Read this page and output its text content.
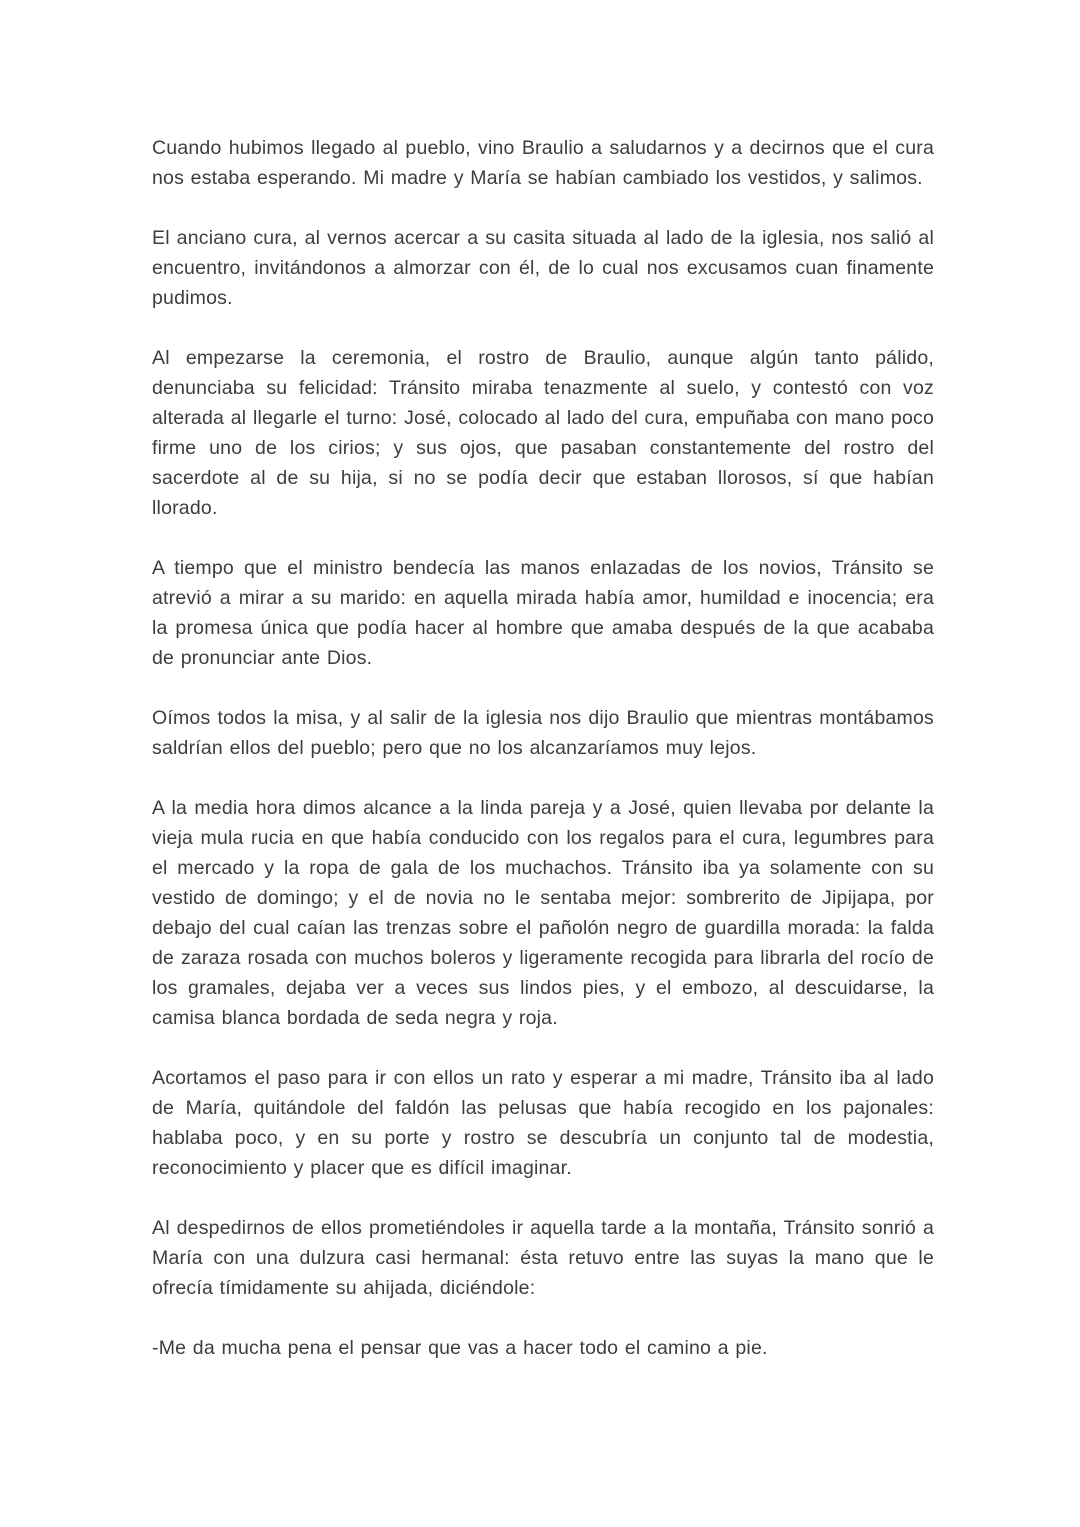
Cuando hubimos llegado al pueblo, vino Braulio a saludarnos y a decirnos que el cura nos estaba esperando. Mi madre y María se habían cambiado los vestidos, y salimos.

El anciano cura, al vernos acercar a su casita situada al lado de la iglesia, nos salió al encuentro, invitándonos a almorzar con él, de lo cual nos excusamos cuan finamente pudimos.

Al empezarse la ceremonia, el rostro de Braulio, aunque algún tanto pálido, denunciaba su felicidad: Tránsito miraba tenazmente al suelo, y contestó con voz alterada al llegarle el turno: José, colocado al lado del cura, empuñaba con mano poco firme uno de los cirios; y sus ojos, que pasaban constantemente del rostro del sacerdote al de su hija, si no se podía decir que estaban llorosos, sí que habían llorado.

A tiempo que el ministro bendecía las manos enlazadas de los novios, Tránsito se atrevió a mirar a su marido: en aquella mirada había amor, humildad e inocencia; era la promesa única que podía hacer al hombre que amaba después de la que acababa de pronunciar ante Dios.

Oímos todos la misa, y al salir de la iglesia nos dijo Braulio que mientras montábamos saldrían ellos del pueblo; pero que no los alcanzaríamos muy lejos.

A la media hora dimos alcance a la linda pareja y a José, quien llevaba por delante la vieja mula rucia en que había conducido con los regalos para el cura, legumbres para el mercado y la ropa de gala de los muchachos. Tránsito iba ya solamente con su vestido de domingo; y el de novia no le sentaba mejor: sombrerito de Jipijapa, por debajo del cual caían las trenzas sobre el pañolón negro de guardilla morada: la falda de zaraza rosada con muchos boleros y ligeramente recogida para librarla del rocío de los gramales, dejaba ver a veces sus lindos pies, y el embozo, al descuidarse, la camisa blanca bordada de seda negra y roja.

Acortamos el paso para ir con ellos un rato y esperar a mi madre, Tránsito iba al lado de María, quitándole del faldón las pelusas que había recogido en los pajonales: hablaba poco, y en su porte y rostro se descubría un conjunto tal de modestia, reconocimiento y placer que es difícil imaginar.

Al despedirnos de ellos prometiéndoles ir aquella tarde a la montaña, Tránsito sonrió a María con una dulzura casi hermanal: ésta retuvo entre las suyas la mano que le ofrecía tímidamente su ahijada, diciéndole:

-Me da mucha pena el pensar que vas a hacer todo el camino a pie.
